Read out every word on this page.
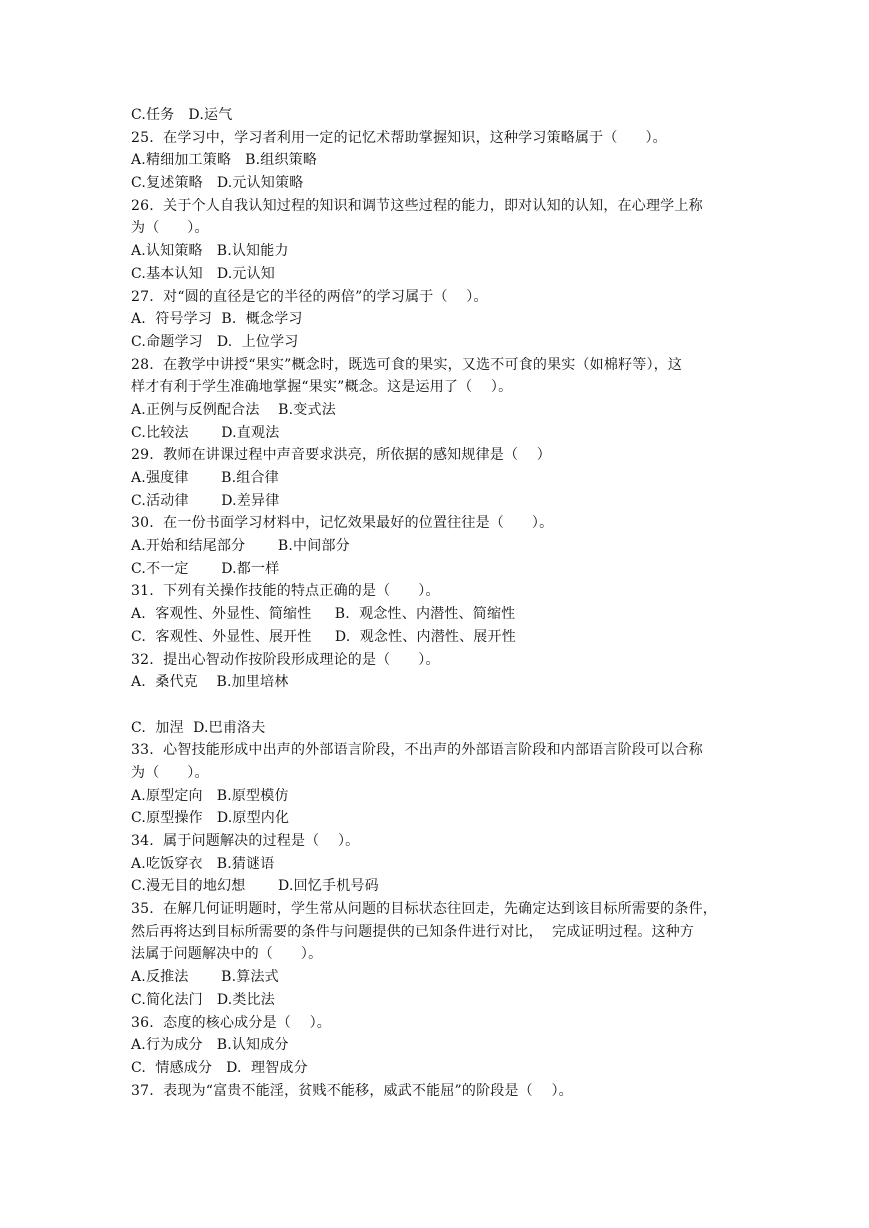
C.任务   D.运气
25.  在学习中，学习者利用一定的记忆术帮助掌握知识，这种学习策略属于（      ）。
A.精细加工策略   B.组织策略
C.复述策略   D.元认知策略
26.  关于个人自我认知过程的知识和调节这些过程的能力，即对认知的认知，在心理学上称
为（      ）。
A.认知策略   B.认知能力
C.基本认知   D.元认知
27.  对“圆的直径是它的半径的两倍”的学习属于（    ）。
A.  符号学习  B.  概念学习
C.命题学习   D.  上位学习
28.  在教学中讲授“果实”概念时，既选可食的果实，又选不可食的果实（如棉籽等），这
样才有利于学生准确地掌握“果实”概念。这是运用了（    ）。
A.正例与反例配合法    B.变式法
C.比较法       D.直观法
29.  教师在讲课过程中声音要求洪亮，所依据的感知规律是（    ）
A.强度律       B.组合律
C.活动律       D.差异律
30.  在一份书面学习材料中，记忆效果最好的位置往往是（      ）。
A.开始和结尾部分       B.中间部分
C.不一定       D.都一样
31.  下列有关操作技能的特点正确的是（      ）。
A.  客观性、外显性、简缩性     B.  观念性、内潜性、简缩性
C.  客观性、外显性、展开性     D.  观念性、内潜性、展开性
32.  提出心智动作按阶段形成理论的是（      ）。
A.  桑代克    B.加里培林
C.  加涅  D.巴甫洛夫
33.  心智技能形成中出声的外部语言阶段，不出声的外部语言阶段和内部语言阶段可以合称
为（      ）。
A.原型定向   B.原型模仿
C.原型操作   D.原型内化
34.  属于问题解决的过程是（    ）。
A.吃饭穿衣   B.猜谜语
C.漫无目的地幻想       D.回忆手机号码
35.  在解几何证明题时，学生常从问题的目标状态往回走，先确定达到该目标所需要的条件，
然后再将达到目标所需要的条件与问题提供的已知条件进行对比，  完成证明过程。这种方
法属于问题解决中的（      ）。
A.反推法       B.算法式
C.简化法门   D.类比法
36.  态度的核心成分是（    ）。
A.行为成分   B.认知成分
C.  情感成分   D.  理智成分
37.  表现为“富贵不能淫，贫贱不能移，威武不能屈”的阶段是（    ）。
